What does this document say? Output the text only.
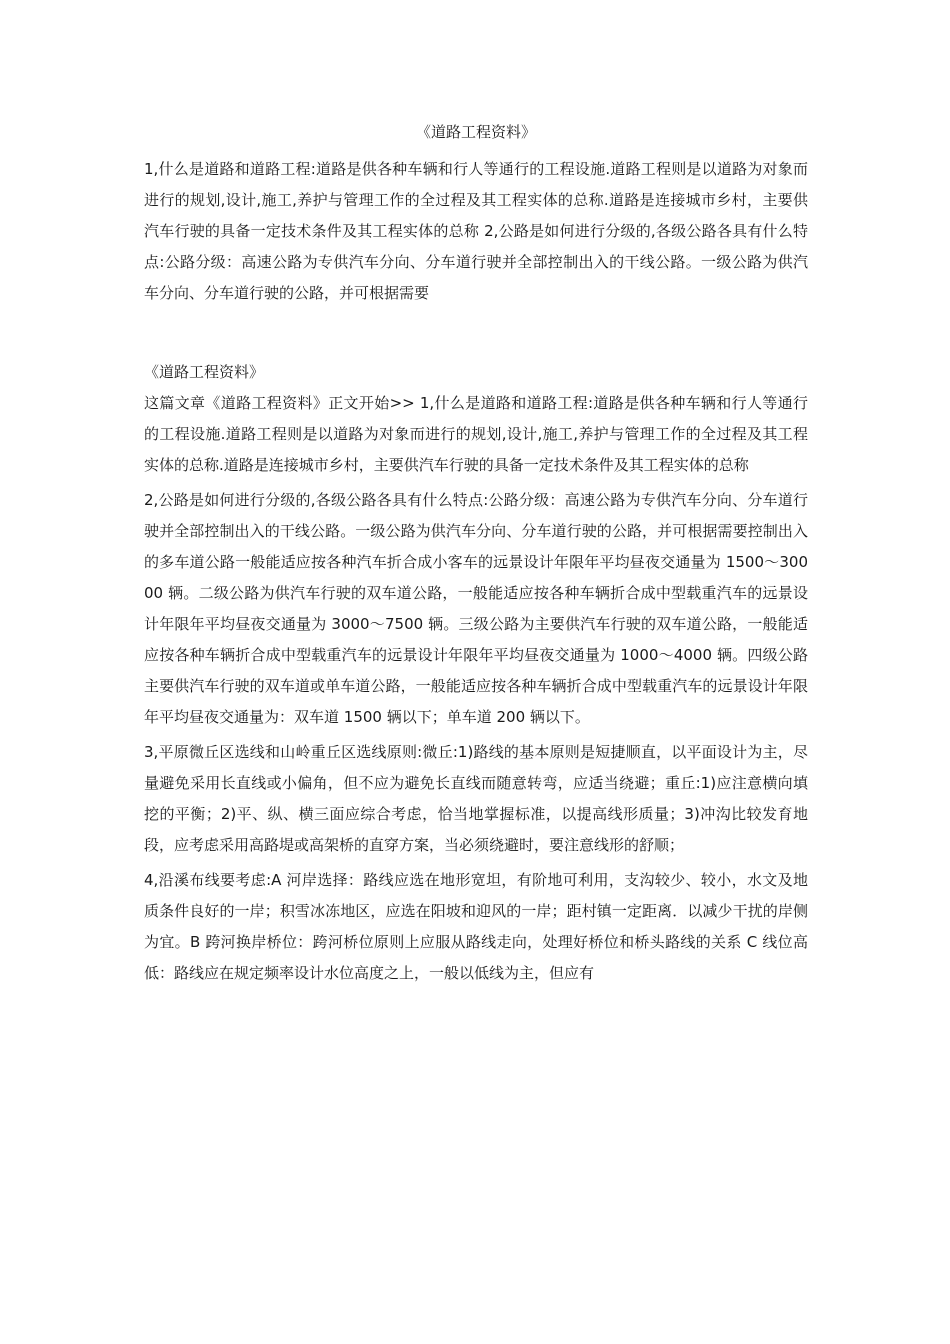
《道路工程资料》

1,什么是道路和道路工程:道路是供各种车辆和行人等通行的工程设施.道路工程则是以道路为对象而进行的规划,设计,施工,养护与管理工作的全过程及其工程实体的总称.道路是连接城市乡村，主要供汽车行驶的具备一定技术条件及其工程实体的总称 2,公路是如何进行分级的,各级公路各具有什么特点:公路分级：高速公路为专供汽车分向、分车道行驶并全部控制出入的干线公路。一级公路为供汽车分向、分车道行驶的公路，并可根据需要

《道路工程资料》

这篇文章《道路工程资料》正文开始>> 1,什么是道路和道路工程:道路是供各种车辆和行人等通行的工程设施.道路工程则是以道路为对象而进行的规划,设计,施工,养护与管理工作的全过程及其工程实体的总称.道路是连接城市乡村，主要供汽车行驶的具备一定技术条件及其工程实体的总称

2,公路是如何进行分级的,各级公路各具有什么特点:公路分级：高速公路为专供汽车分向、分车道行驶并全部控制出入的干线公路。一级公路为供汽车分向、分车道行驶的公路，并可根据需要控制出入的多车道公路一般能适应按各种汽车折合成小客车的远景设计年限年平均昼夜交通量为 1500～30000 辆。二级公路为供汽车行驶的双车道公路，一般能适应按各种车辆折合成中型载重汽车的远景设计年限年平均昼夜交通量为 3000～7500 辆。三级公路为主要供汽车行驶的双车道公路，一般能适应按各种车辆折合成中型载重汽车的远景设计年限年平均昼夜交通量为 1000～4000 辆。四级公路主要供汽车行驶的双车道或单车道公路，一般能适应按各种车辆折合成中型载重汽车的远景设计年限年平均昼夜交通量为：双车道 1500 辆以下；单车道 200 辆以下。

3,平原微丘区选线和山岭重丘区选线原则:微丘:1)路线的基本原则是短捷顺直，以平面设计为主，尽量避免采用长直线或小偏角，但不应为避免长直线而随意转弯，应适当绕避；重丘:1)应注意横向填挖的平衡；2)平、纵、横三面应综合考虑，恰当地掌握标准，以提高线形质量；3)冲沟比较发育地段，应考虑采用高路堤或高架桥的直穿方案，当必须绕避时，要注意线形的舒顺；

4,沿溪布线要考虑:A 河岸选择：路线应选在地形宽坦，有阶地可利用，支沟较少、较小，水文及地质条件良好的一岸；积雪冰冻地区，应选在阳坡和迎风的一岸；距村镇一定距离．以减少干扰的岸侧为宜。B 跨河换岸桥位：跨河桥位原则上应服从路线走向，处理好桥位和桥头路线的关系 C 线位高低：路线应在规定频率设计水位高度之上，一般以低线为主，但应有
